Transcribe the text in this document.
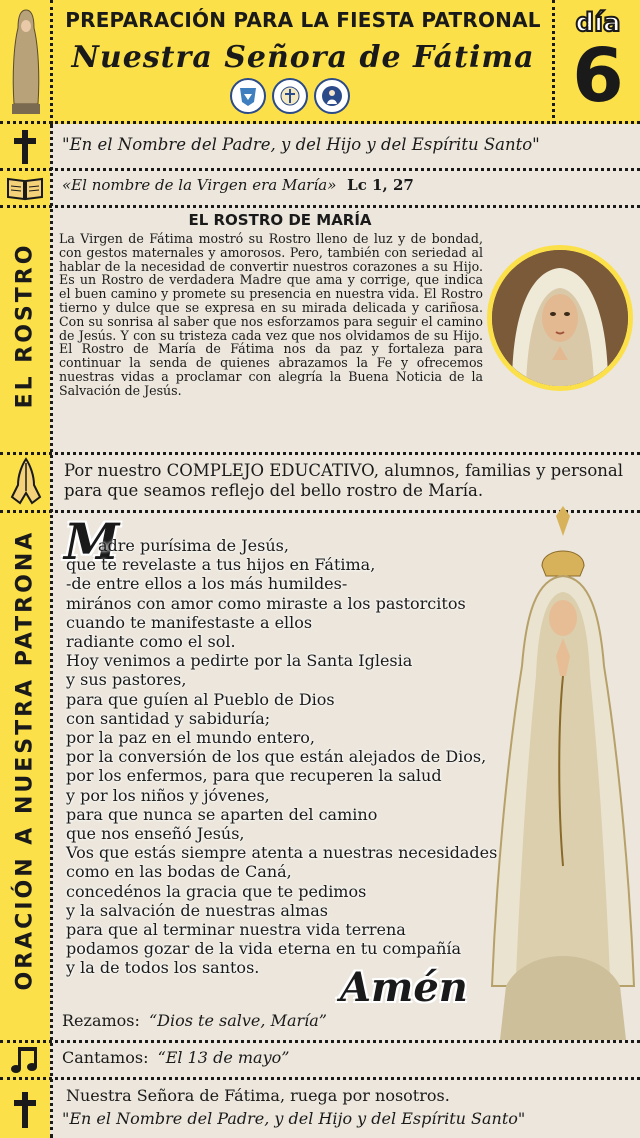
PREPARACIÓN PARA LA FIESTA PATRONAL
Nuestra Señora de Fátima
día
6
"En el Nombre del Padre, y del Hijo y del Espíritu Santo"
«El nombre de la Virgen era María» Lc 1, 27
EL ROSTRO
EL ROSTRO DE MARÍA
La Virgen de Fátima mostró su Rostro lleno de luz y de bondad, con gestos maternales y amorosos. Pero, también con seriedad al hablar de la necesidad de convertir nuestros corazones a su Hijo. Es un Rostro de verdadera Madre que ama y corrige, que indica el buen camino y promete su presencia en nuestra vida. El Rostro tierno y dulce que se expresa en su mirada delicada y cariñosa. Con su sonrisa al saber que nos esforzamos para seguir el camino de Jesús. Y con su tristeza cada vez que nos olvidamos de su Hijo. El Rostro de María de Fátima nos da paz y fortaleza para continuar la senda de quienes abrazamos la Fe y ofrecemos nuestras vidas a proclamar con alegría la Buena Noticia de la Salvación de Jesús.
Por nuestro COMPLEJO EDUCATIVO, alumnos, familias y personal para que seamos reflejo del bello rostro de María.
ORACIÓN A NUESTRA PATRONA M
adre purísima de Jesús,
que te revelaste a tus hijos en Fátima,
-de entre ellos a los más humildes-
mirános con amor como miraste a los pastorcitos
cuando te manifestaste a ellos
radiante como el sol.
Hoy venimos a pedirte por la Santa Iglesia
y sus pastores,
para que guíen al Pueblo de Dios
con santidad y sabiduría;
por la paz en el mundo entero,
por la conversión de los que están alejados de Dios,
por los enfermos, para que recuperen la salud
y por los niños y jóvenes,
para que nunca se aparten del camino
que nos enseñó Jesús,
Vos que estás siempre atenta a nuestras necesidades
como en las bodas de Caná,
concedénos la gracia que te pedimos
y la salvación de nuestras almas
para que al terminar nuestra vida terrena
podamos gozar de la vida eterna en tu compañía
y la de todos los santos.	Amén
Rezamos: “Dios te salve, María”
Cantamos: “El 13 de mayo”
Nuestra Señora de Fátima, ruega por nosotros.
"En el Nombre del Padre, y del Hijo y del Espíritu Santo"
